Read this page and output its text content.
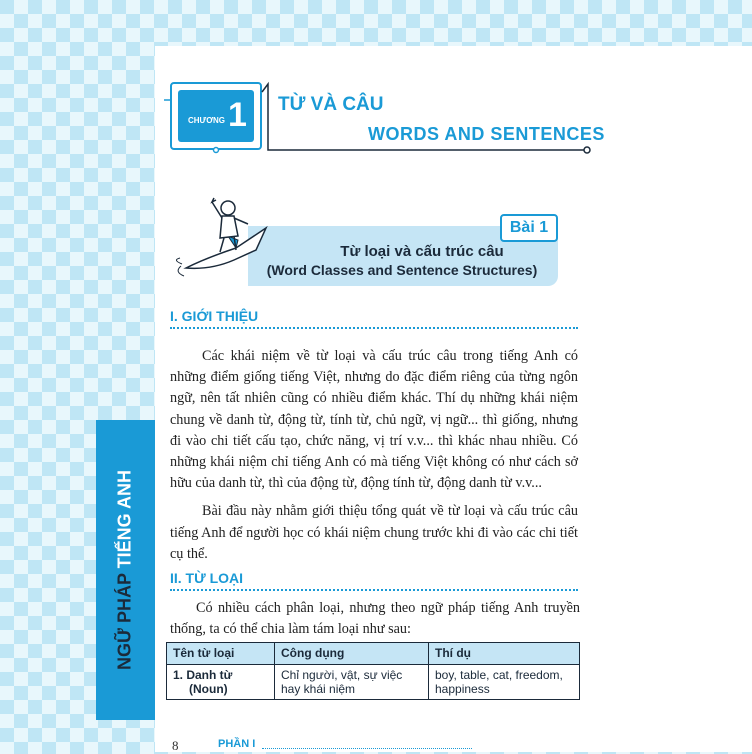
NGỮ PHÁP TIẾNG ANH
CHƯƠNG 1 TỪ VÀ CÂU
WORDS AND SENTENCES
Bài 1
Từ loại và cấu trúc câu
(Word Classes and Sentence Structures)
I. GIỚI THIỆU

Các khái niệm về từ loại và cấu trúc câu trong tiếng Anh có những điểm giống tiếng Việt, nhưng do đặc điểm riêng của từng ngôn ngữ, nên tất nhiên cũng có nhiều điểm khác. Thí dụ những khái niệm chung về danh từ, động từ, tính từ, chủ ngữ, vị ngữ... thì giống, nhưng đi vào chi tiết cấu tạo, chức năng, vị trí v.v... thì khác nhau nhiều. Có những khái niệm chỉ tiếng Anh có mà tiếng Việt không có như cách sở hữu của danh từ, thì của động từ, động tính từ, động danh từ v.v...

Bài đầu này nhằm giới thiệu tổng quát về từ loại và cấu trúc câu tiếng Anh để người học có khái niệm chung trước khi đi vào các chi tiết cụ thể.

II. TỪ LOẠI
Có nhiều cách phân loại, nhưng theo ngữ pháp tiếng Anh truyền thống, ta có thể chia làm tám loại như sau:
Tên từ loại	Công dụng	Thí dụ
1. Danh từ
(Noun)	Chỉ người, vật, sự việc hay khái niệm	boy, table, cat, freedom, happiness
8	PHẦN I
